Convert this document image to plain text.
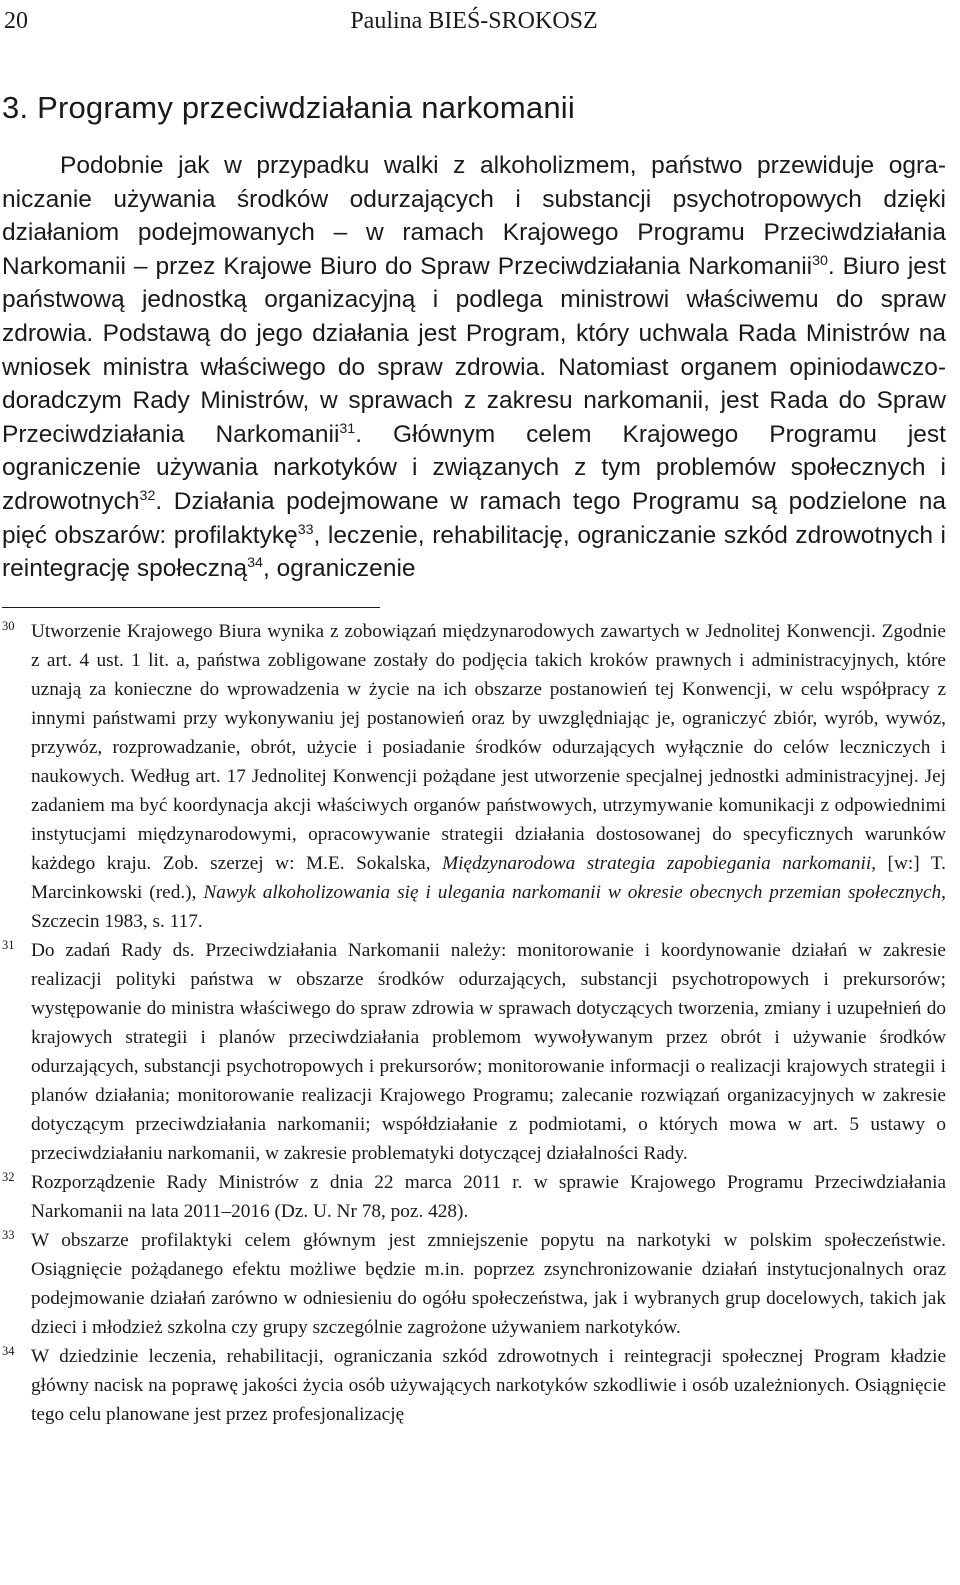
20	Paulina BIEŚ-SROKOSZ
3. Programy przeciwdziałania narkomanii

Podobnie jak w przypadku walki z alkoholizmem, państwo przewiduje ograniczanie używania środków odurzających i substancji psychotropowych dzięki działaniom podejmowanych – w ramach Krajowego Programu Przeciwdziałania Narkomanii – przez Krajowe Biuro do Spraw Przeciwdziałania Narkomanii$^{30}$. Biuro jest państwową jednostką organizacyjną i podlega ministrowi właściwemu do spraw zdrowia. Podstawą do jego działania jest Program, który uchwala Rada Ministrów na wniosek ministra właściwego do spraw zdrowia. Natomiast organem opiniodawczo-doradczym Rady Ministrów, w sprawach z zakresu narkomanii, jest Rada do Spraw Przeciwdziałania Narkomanii$^{31}$. Głównym celem Krajowego Programu jest ograniczenie używania narkotyków i związanych z tym problemów społecznych i zdrowotnych$^{32}$. Działania podejmowane w ramach tego Programu są podzielone na pięć obszarów: profilaktykę$^{33}$, leczenie, rehabilitację, ograniczanie szkód zdrowotnych i reintegrację społeczną$^{34}$, ograniczenie

30 Utworzenie Krajowego Biura wynika z zobowiązań międzynarodowych zawartych w Jednolitej Konwencji. Zgodnie z art. 4 ust. 1 lit. a, państwa zobligowane zostały do podjęcia takich kroków prawnych i administracyjnych, które uznają za konieczne do wprowadzenia w życie na ich obszarze postanowień tej Konwencji, w celu współpracy z innymi państwami przy wykonywaniu jej postanowień oraz by uwzględniając je, ograniczyć zbiór, wyrób, wywóz, przywóz, rozprowadzanie, obrót, użycie i posiadanie środków odurzających wyłącznie do celów leczniczych i naukowych. Według art. 17 Jednolitej Konwencji pożądane jest utworzenie specjalnej jednostki administracyjnej. Jej zadaniem ma być koordynacja akcji właściwych organów państwowych, utrzymywanie komunikacji z odpowiednimi instytucjami międzynarodowymi, opracowywanie strategii działania dostosowanej do specyficznych warunków każdego kraju. Zob. szerzej w: M.E. Sokalska, Międzynarodowa strategia zapobiegania narkomanii, [w:] T. Marcinkowski (red.), Nawyk alkoholizowania się i ulegania narkomanii w okresie obecnych przemian społecznych, Szczecin 1983, s. 117.
31 Do zadań Rady ds. Przeciwdziałania Narkomanii należy: monitorowanie i koordynowanie działań w zakresie realizacji polityki państwa w obszarze środków odurzających, substancji psychotropowych i prekursorów; występowanie do ministra właściwego do spraw zdrowia w sprawach dotyczących tworzenia, zmiany i uzupełnień do krajowych strategii i planów przeciwdziałania problemom wywoływanym przez obrót i używanie środków odurzających, substancji psychotropowych i prekursorów; monitorowanie informacji o realizacji krajowych strategii i planów działania; monitorowanie realizacji Krajowego Programu; zalecanie rozwiązań organizacyjnych w zakresie dotyczącym przeciwdziałania narkomanii; współdziałanie z podmiotami, o których mowa w art. 5 ustawy o przeciwdziałaniu narkomanii, w zakresie problematyki dotyczącej działalności Rady.
32 Rozporządzenie Rady Ministrów z dnia 22 marca 2011 r. w sprawie Krajowego Programu Przeciwdziałania Narkomanii na lata 2011–2016 (Dz. U. Nr 78, poz. 428).
33 W obszarze profilaktyki celem głównym jest zmniejszenie popytu na narkotyki w polskim społeczeństwie. Osiągnięcie pożądanego efektu możliwe będzie m.in. poprzez zsynchronizowanie działań instytucjonalnych oraz podejmowanie działań zarówno w odniesieniu do ogółu społeczeństwa, jak i wybranych grup docelowych, takich jak dzieci i młodzież szkolna czy grupy szczególnie zagrożone używaniem narkotyków.
34 W dziedzinie leczenia, rehabilitacji, ograniczania szkód zdrowotnych i reintegracji społecznej Program kładzie główny nacisk na poprawę jakości życia osób używających narkotyków szkodliwie i osób uzależnionych. Osiągnięcie tego celu planowane jest przez profesjonalizację
